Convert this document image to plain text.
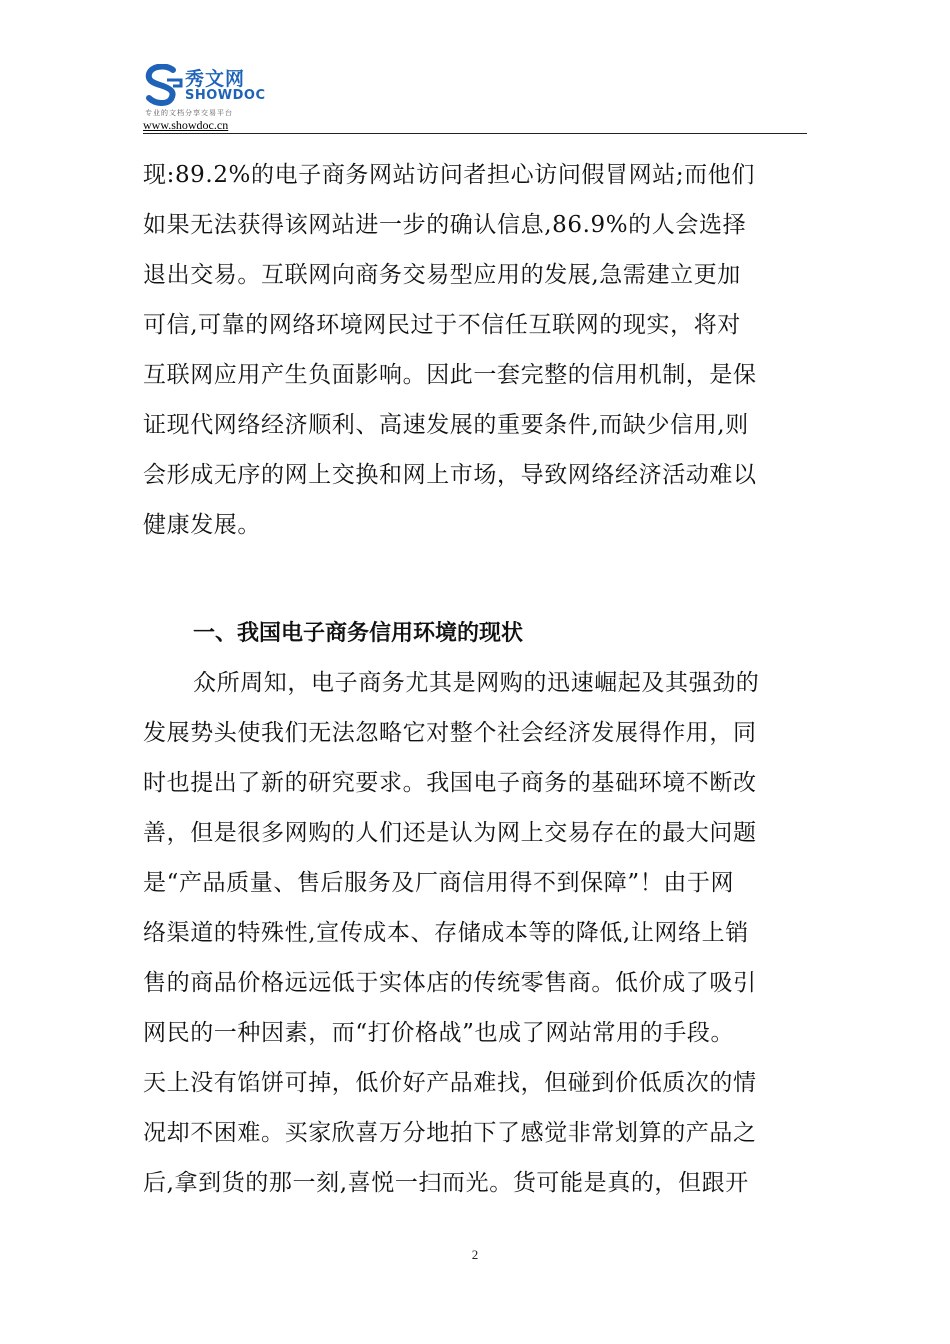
秀文网
SHOWDOC
专业的文档分享交易平台
www.showdoc.cn
现:89.2%的电子商务网站访问者担心访问假冒网站;而他们
如果无法获得该网站进一步的确认信息,86.9%的人会选择
退出交易。互联网向商务交易型应用的发展,急需建立更加
可信,可靠的网络环境网民过于不信任互联网的现实，将对
互联网应用产生负面影响。因此一套完整的信用机制，是保
证现代网络经济顺利、高速发展的重要条件,而缺少信用,则
会形成无序的网上交换和网上市场，导致网络经济活动难以
健康发展。
一、我国电子商务信用环境的现状
众所周知，电子商务尤其是网购的迅速崛起及其强劲的
发展势头使我们无法忽略它对整个社会经济发展得作用，同
时也提出了新的研究要求。我国电子商务的基础环境不断改
善，但是很多网购的人们还是认为网上交易存在的最大问题
是“产品质量、售后服务及厂商信用得不到保障”！由于网
络渠道的特殊性,宣传成本、存储成本等的降低,让网络上销
售的商品价格远远低于实体店的传统零售商。低价成了吸引
网民的一种因素，而“打价格战”也成了网站常用的手段。
天上没有馅饼可掉，低价好产品难找，但碰到价低质次的情
况却不困难。买家欣喜万分地拍下了感觉非常划算的产品之
后,拿到货的那一刻,喜悦一扫而光。货可能是真的，但跟开
2
